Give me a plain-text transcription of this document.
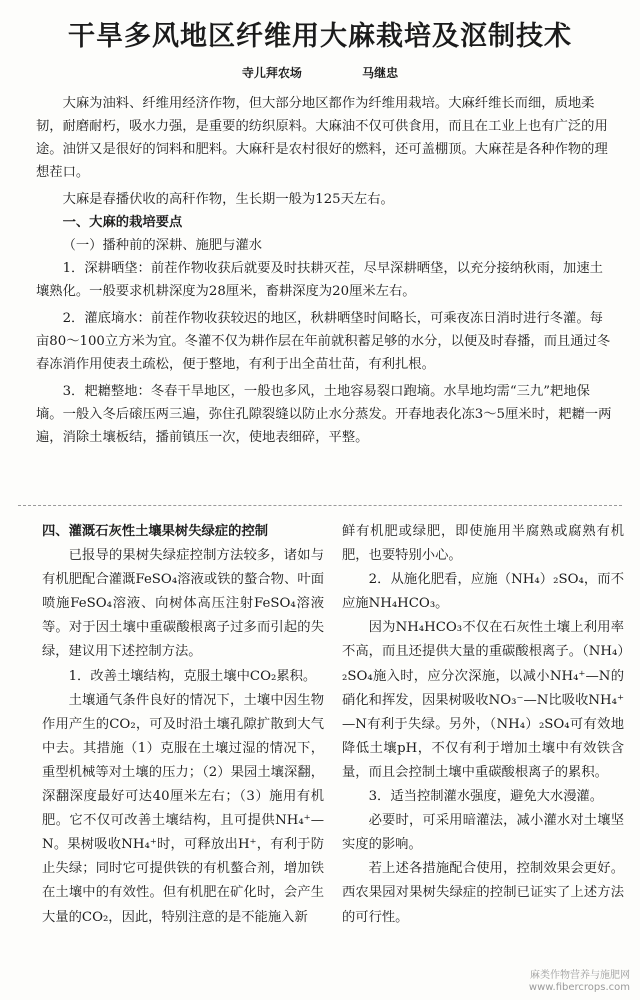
干旱多风地区纤维用大麻栽培及沤制技术
寺儿拜农场	马继忠

大麻为油料、纤维用经济作物，但大部分地区都作为纤维用栽培。大麻纤维长而细，质地柔韧，耐磨耐朽，吸水力强，是重要的纺织原料。大麻油不仅可供食用，而且在工业上也有广泛的用途。油饼又是很好的饲料和肥料。大麻秆是农村很好的燃料，还可盖棚顶。大麻茬是各种作物的理想茬口。

大麻是春播伏收的高秆作物，生长期一般为125天左右。

一、大麻的栽培要点
（一）播种前的深耕、施肥与灌水

1．深耕晒垡：前茬作物收获后就要及时扶耕灭茬，尽早深耕晒垡，以充分接纳秋雨，加速土壤熟化。一般要求机耕深度为28厘米，畜耕深度为20厘米左右。

2．灌底墒水：前茬作物收获较迟的地区，秋耕晒垡时间略长，可乘夜冻日消时进行冬灌。每亩80～100立方米为宜。冬灌不仅为耕作层在年前就积蓄足够的水分，以便及时春播，而且通过冬春冻消作用使表土疏松，便于整地，有利于出全苗壮苗，有利扎根。

3．耙耱整地：冬春干旱地区，一般也多风，土地容易裂口跑墒。水旱地均需“三九”耙地保墒。一般入冬后磙压两三遍，弥住孔隙裂缝以防止水分蒸发。开春地表化冻3～5厘米时，耙耱一两遍，消除土壤板结，播前镇压一次，使地表细碎，平整。

四、灌溉石灰性土壤果树失绿症的控制

已报导的果树失绿症控制方法较多，诸如与有机肥配合灌溉FeSO₄溶液或铁的螯合物、叶面喷施FeSO₄溶液、向树体高压注射FeSO₄溶液等。对于因土壤中重碳酸根离子过多而引起的失绿，建议用下述控制方法。

1．改善土壤结构，克服土壤中CO₂累积。

土壤通气条件良好的情况下，土壤中因生物作用产生的CO₂，可及时沿土壤孔隙扩散到大气中去。其措施（1）克服在土壤过湿的情况下，重型机械等对土壤的压力；（2）果园土壤深翻，深翻深度最好可达40厘米左右；（3）施用有机肥。它不仅可改善土壤结构，且可提供NH₄⁺—N。果树吸收NH₄⁺时，可释放出H⁺，有利于防止失绿；同时它可提供铁的有机螯合剂，增加铁在土壤中的有效性。但有机肥在矿化时，会产生大量的CO₂，因此，特别注意的是不能施入新

鲜有机肥或绿肥，即使施用半腐熟或腐熟有机肥，也要特别小心。

2．从施化肥看，应施（NH₄）₂SO₄，而不应施NH₄HCO₃。

因为NH₄HCO₃不仅在石灰性土壤上利用率不高，而且还提供大量的重碳酸根离子。（NH₄）₂SO₄施入时，应分次深施，以减小NH₄⁺—N的硝化和挥发，因果树吸收NO₃⁻—N比吸收NH₄⁺—N有利于失绿。另外，（NH₄）₂SO₄可有效地降低土壤pH，不仅有利于增加土壤中有效铁含量，而且会控制土壤中重碳酸根离子的累积。

3．适当控制灌水强度，避免大水漫灌。

必要时，可采用暗灌法，减小灌水对土壤坚实度的影响。

若上述各措施配合使用，控制效果会更好。西农果园对果树失绿症的控制已证实了上述方法的可行性。

麻类作物营养与施肥网
www.fibercrops.com
